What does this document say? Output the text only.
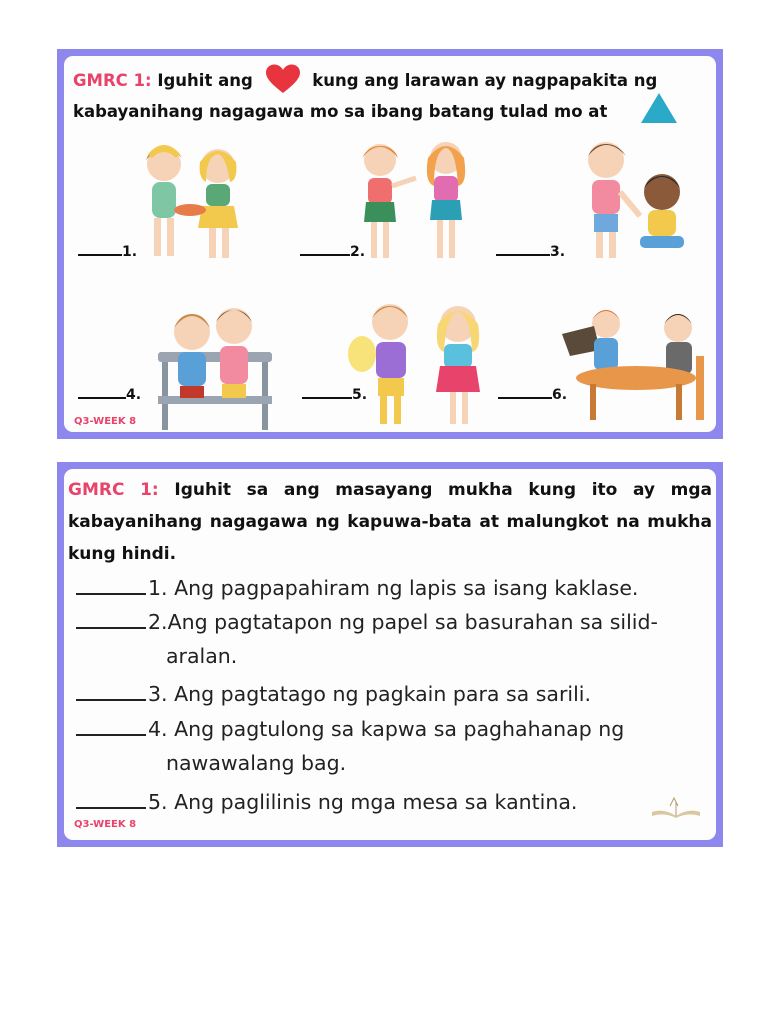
GMRC 1: Iguhit ang	kung ang larawan ay nagpapakita ng
kabayanihang nagagawa mo sa ibang batang tulad mo at
1.	2.	3.
4.	5.	6.
Q3-WEEK 8
GMRC 1: Iguhit sa ang masayang mukha kung ito ay mga kabayanihang nagagawa ng kapuwa-bata at malungkot na mukha kung hindi.
1. Ang pagpapahiram ng lapis sa isang kaklase.
2.Ang pagtatapon ng papel sa basurahan sa silid-
aralan.
3. Ang pagtatago ng pagkain para sa sarili.
4. Ang pagtulong sa kapwa sa paghahanap ng
nawawalang bag.
5. Ang paglilinis ng mga mesa sa kantina.
Q3-WEEK 8
